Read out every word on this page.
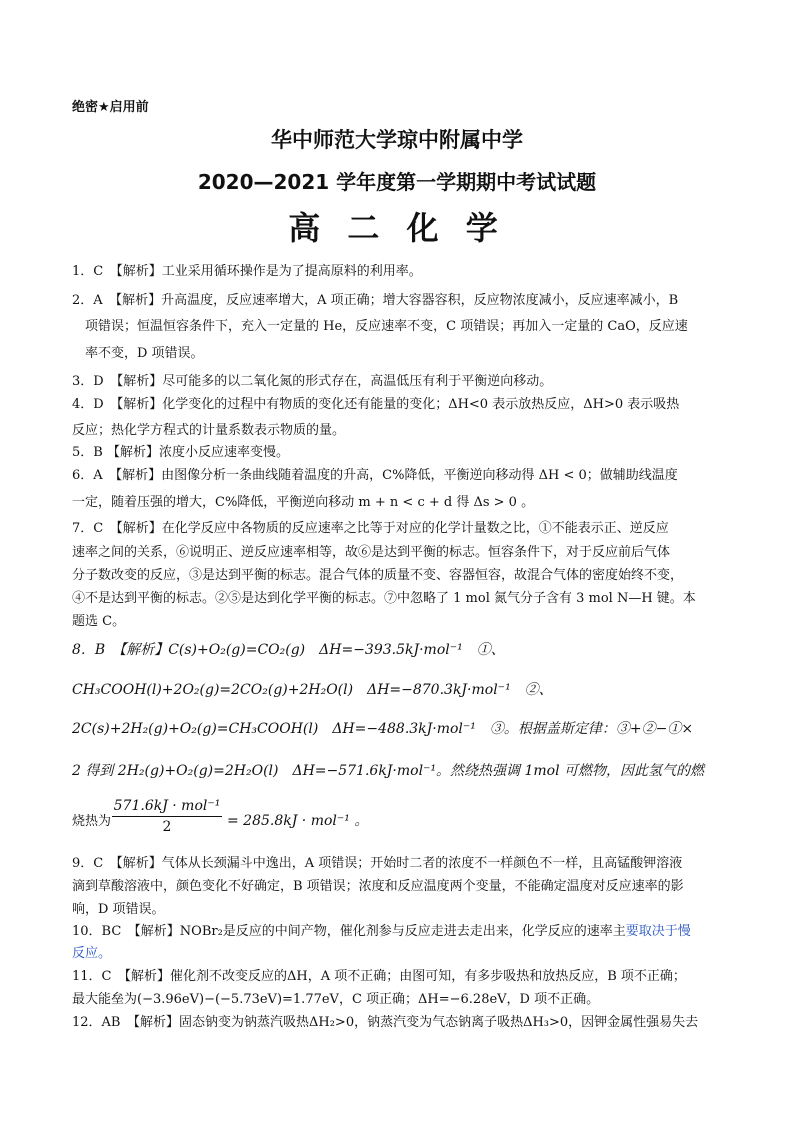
绝密★启用前
华中师范大学琼中附属中学
2020—2021 学年度第一学期期中考试试题
高 二 化 学
1．C　【解析】工业采用循环操作是为了提高原料的利用率。
2．A　【解析】升高温度，反应速率增大，A 项正确；增大容器容积，反应物浓度减小，反应速率减小，B
　项错误；恒温恒容条件下，充入一定量的 He，反应速率不变，C 项错误；再加入一定量的 CaO，反应速
　率不变，D 项错误。
3．D　【解析】尽可能多的以二氧化氮的形式存在，高温低压有利于平衡逆向移动。
4．D　【解析】化学变化的过程中有物质的变化还有能量的变化；ΔH<0 表示放热反应，ΔH>0 表示吸热
反应；热化学方程式的计量系数表示物质的量。
5．B 【解析】浓度小反应速率变慢。
6．A　【解析】由图像分析一条曲线随着温度的升高，C%降低，平衡逆向移动得 ΔH < 0；做辅助线温度
一定，随着压强的增大，C%降低，平衡逆向移动 m + n < c + d 得 Δs > 0 。
7．C　【解析】在化学反应中各物质的反应速率之比等于对应的化学计量数之比，①不能表示正、逆反应
速率之间的关系，⑥说明正、逆反应速率相等，故⑥是达到平衡的标志。恒容条件下，对于反应前后气体
分子数改变的反应，③是达到平衡的标志。混合气体的质量不变、容器恒容，故混合气体的密度始终不变，
④不是达到平衡的标志。②⑤是达到化学平衡的标志。⑦中忽略了 1 mol 氮气分子含有 3 mol N—H 键。本
题选 C。
8．B　【解析】C(s)+O₂(g)=CO₂(g)　ΔH=−393.5kJ·mol⁻¹　①、
CH₃COOH(l)+2O₂(g)=2CO₂(g)+2H₂O(l)　ΔH=−870.3kJ·mol⁻¹　②、
2C(s)+2H₂(g)+O₂(g)=CH₃COOH(l)　ΔH=−488.3kJ·mol⁻¹　③。根据盖斯定律：③+②−①×
2 得到 2H₂(g)+O₂(g)=2H₂O(l)　ΔH=−571.6kJ·mol⁻¹。然绕热强调 1mol 可燃物，因此氢气的燃
烧热为
571.6kJ · mol⁻¹
2	= 285.8kJ · mol⁻¹ 。
9．C　【解析】气体从长颈漏斗中逸出，A 项错误；开始时二者的浓度不一样颜色不一样，且高锰酸钾溶液
滴到草酸溶液中，颜色变化不好确定，B 项错误；浓度和反应温度两个变量，不能确定温度对反应速率的影
响，D 项错误。
10．BC　【解析】NOBr₂是反应的中间产物，催化剂参与反应走进去走出来，化学反应的速率主要取决于慢
反应。
11．C　【解析】催化剂不改变反应的ΔH，A 项不正确；由图可知，有多步吸热和放热反应，B 项不正确；
最大能垒为(−3.96eV)−(−5.73eV)=1.77eV，C 项正确；ΔH=−6.28eV，D 项不正确。
12．AB　【解析】固态钠变为钠蒸汽吸热ΔH₂>0，钠蒸汽变为气态钠离子吸热ΔH₃>0，因钾金属性强易失去
